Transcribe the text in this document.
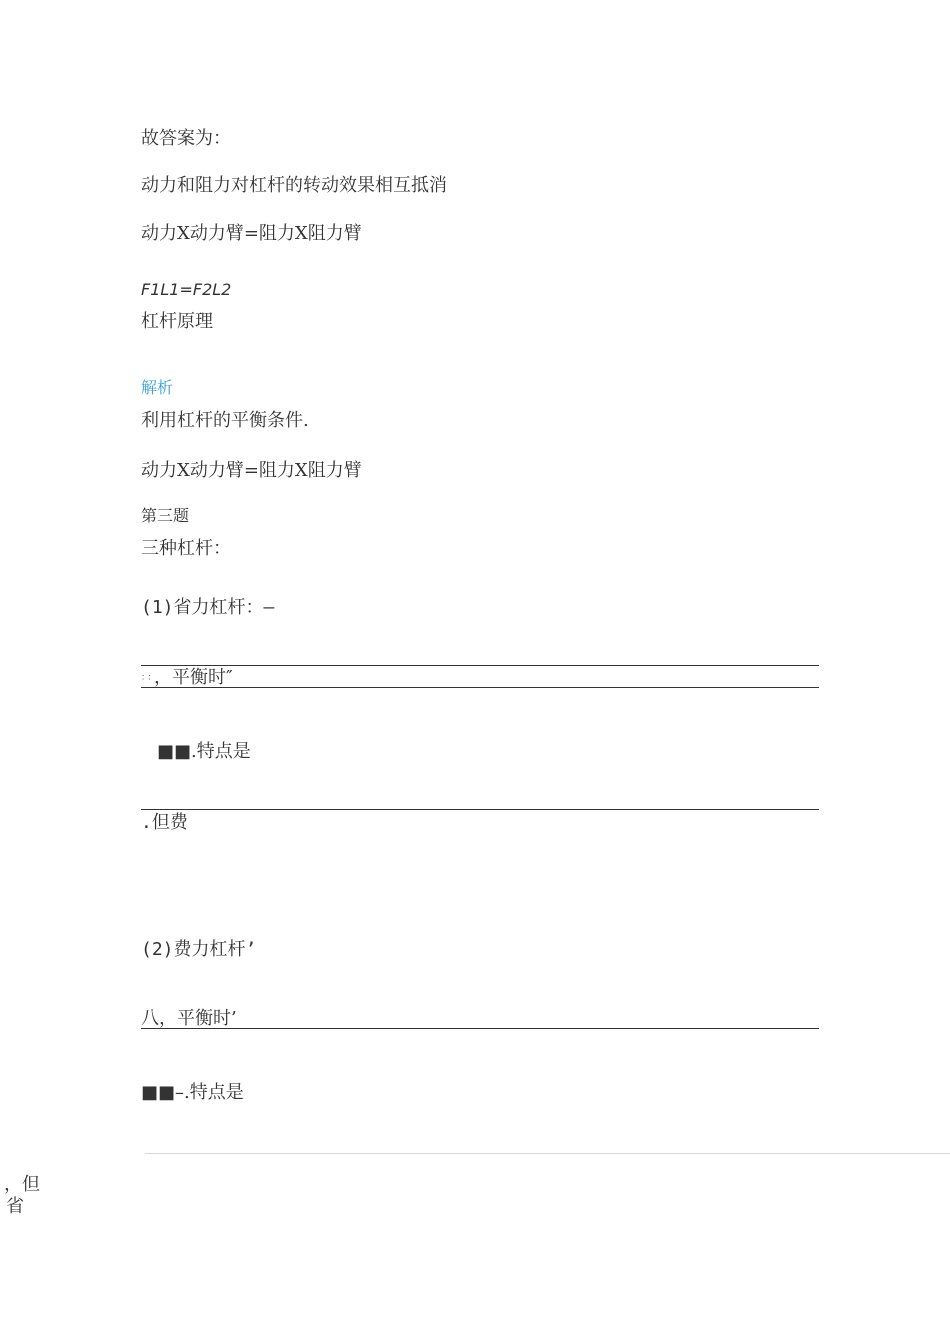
故答案为：
动力和阻力对杠杆的转动效果相互抵消
动力Χ动力臂=阻力Χ阻力臂
F1L1=F2L2
杠杆原理
解析
利用杠杆的平衡条件.
动力Χ动力臂=阻力Χ阻力臂
第三题
三种杠杆：
(1)省力杠杆：–
：：，平衡时″
■■.特点是
.但费
(2)费力杠杆’
八，平衡时’
■■–.特点是
，但
省
